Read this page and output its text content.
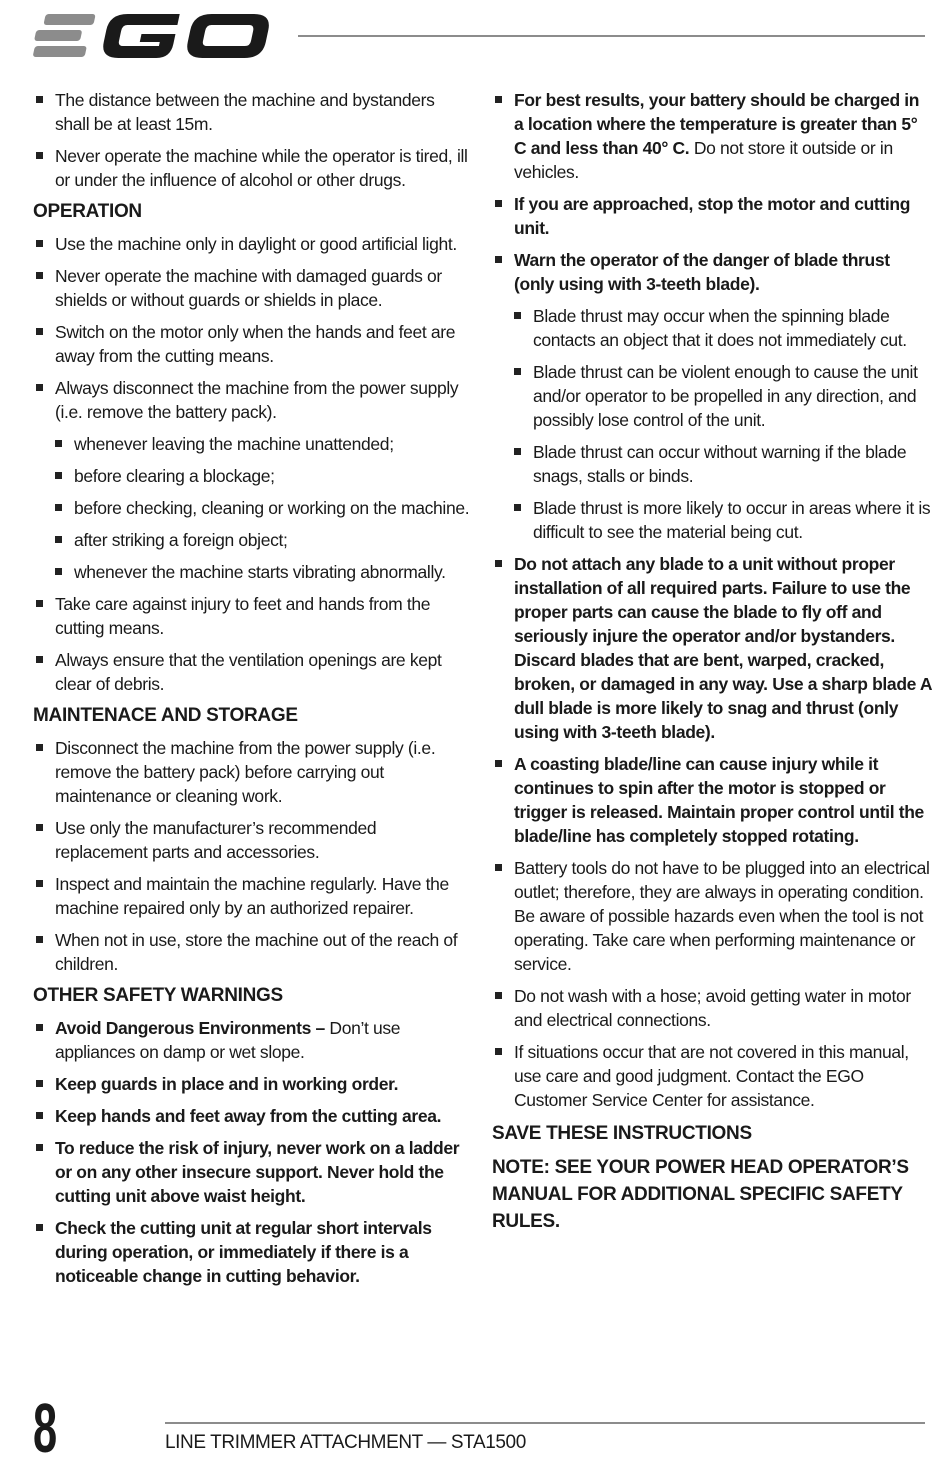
The distance between the machine and bystanders shall be at least 15m.
Never operate the machine while the operator is tired, ill or under the influence of alcohol or other drugs.
OPERATION
Use the machine only in daylight or good artificial light.
Never operate the machine with damaged guards or shields or without guards or shields in place.
Switch on the motor only when the hands and feet are away from the cutting means.
Always disconnect the machine from the power supply (i.e. remove the battery pack).
whenever leaving the machine unattended;
before clearing a blockage;
before checking, cleaning or working on the machine.
after striking a foreign object;
whenever the machine starts vibrating abnormally.
Take care against injury to feet and hands from the cutting means.
Always ensure that the ventilation openings are kept clear of debris.
MAINTENACE AND STORAGE
Disconnect the machine from the power supply (i.e. remove the battery pack) before carrying out maintenance or cleaning work.
Use only the manufacturer’s recommended replacement parts and accessories.
Inspect and maintain the machine regularly. Have the machine repaired only by an authorized repairer.
When not in use, store the machine out of the reach of children.
OTHER SAFETY WARNINGS
Avoid Dangerous Environments – Don’t use appliances on damp or wet slope.
Keep guards in place and in working order.
Keep hands and feet away from the cutting area.
To reduce the risk of injury, never work on a ladder or on any other insecure support. Never hold the cutting unit above waist height.
Check the cutting unit at regular short intervals during operation, or immediately if there is a noticeable change in cutting behavior.
For best results, your battery should be charged in a location where the temperature is greater than 5° C and less than 40° C. Do not store it outside or in vehicles.
If you are approached, stop the motor and cutting unit.
Warn the operator of the danger of blade thrust (only using with 3-teeth blade).
Blade thrust may occur when the spinning blade contacts an object that it does not immediately cut.
Blade thrust can be violent enough to cause the unit and/or operator to be propelled in any direction, and possibly lose control of the unit.
Blade thrust can occur without warning if the blade snags, stalls or binds.
Blade thrust is more likely to occur in areas where it is difficult to see the material being cut.
Do not attach any blade to a unit without proper installation of all required parts. Failure to use the proper parts can cause the blade to fly off and seriously injure the operator and/or bystanders. Discard blades that are bent, warped, cracked, broken, or damaged in any way. Use a sharp blade A dull blade is more likely to snag and thrust (only using with 3-teeth blade).
A coasting blade/line can cause injury while it continues to spin after the motor is stopped or trigger is released. Maintain proper control until the blade/line has completely stopped rotating.
Battery tools do not have to be plugged into an electrical outlet; therefore, they are always in operating condition. Be aware of possible hazards even when the tool is not operating. Take care when performing maintenance or service.
Do not wash with a hose; avoid getting water in motor and electrical connections.
If situations occur that are not covered in this manual, use care and good judgment. Contact the EGO Customer Service Center for assistance.
SAVE THESE INSTRUCTIONS
NOTE: SEE YOUR POWER HEAD OPERATOR’S MANUAL FOR ADDITIONAL SPECIFIC SAFETY RULES.
8	LINE TRIMMER ATTACHMENT — STA1500
